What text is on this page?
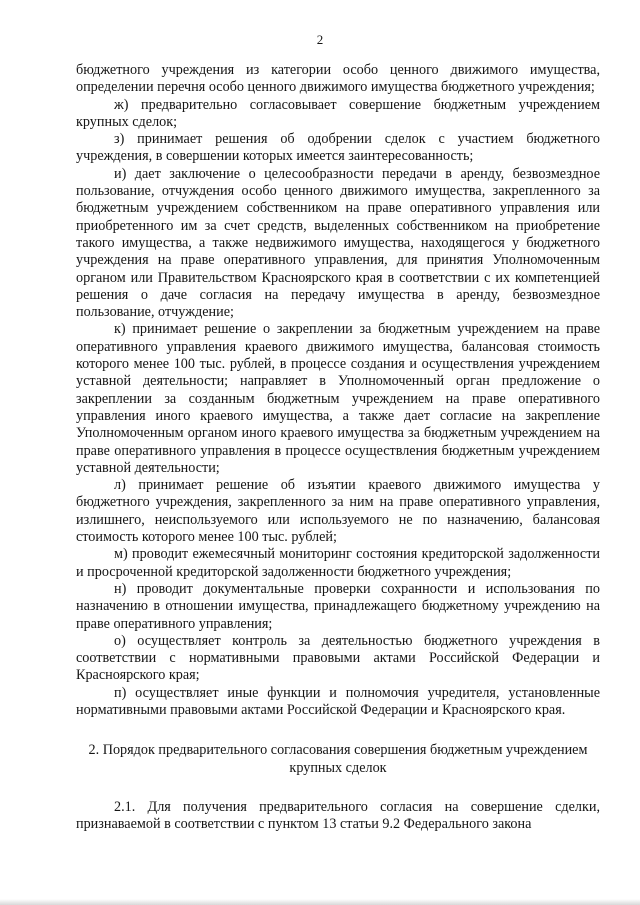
2

бюджетного учреждения из категории особо ценного движимого имущества, определении перечня особо ценного движимого имущества бюджетного учреждения;

ж) предварительно согласовывает совершение бюджетным учреждением крупных сделок;

з) принимает решения об одобрении сделок с участием бюджетного учреждения, в совершении которых имеется заинтересованность;

и) дает заключение о целесообразности передачи в аренду, безвозмездное пользование, отчуждения особо ценного движимого имущества, закрепленного за бюджетным учреждением собственником на праве оперативного управления или приобретенного им за счет средств, выделенных собственником на приобретение такого имущества, а также недвижимого имущества, находящегося у бюджетного учреждения на праве оперативного управления, для принятия Уполномоченным органом или Правительством Красноярского края в соответствии с их компетенцией решения о даче согласия на передачу имущества в аренду, безвозмездное пользование, отчуждение;

к) принимает решение о закреплении за бюджетным учреждением на праве оперативного управления краевого движимого имущества, балансовая стоимость которого менее 100 тыс. рублей, в процессе создания и осуществления учреждением уставной деятельности; направляет в Уполномоченный орган предложение о закреплении за созданным бюджетным учреждением на праве оперативного управления иного краевого имущества, а также дает согласие на закрепление Уполномоченным органом иного краевого имущества за бюджетным учреждением на праве оперативного управления в процессе осуществления бюджетным учреждением уставной деятельности;

л) принимает решение об изъятии краевого движимого имущества у бюджетного учреждения, закрепленного за ним на праве оперативного управления, излишнего, неиспользуемого или используемого не по назначению, балансовая стоимость которого менее 100 тыс. рублей;

м) проводит ежемесячный мониторинг состояния кредиторской задолженности и просроченной кредиторской задолженности бюджетного учреждения;

н) проводит документальные проверки сохранности и использования по назначению в отношении имущества, принадлежащего бюджетному учреждению на праве оперативного управления;

о) осуществляет контроль за деятельностью бюджетного учреждения в соответствии с нормативными правовыми актами Российской Федерации и Красноярского края;

п) осуществляет иные функции и полномочия учредителя, установленные нормативными правовыми актами Российской Федерации и Красноярского края.

2. Порядок предварительного согласования совершения бюджетным учреждением крупных сделок

2.1. Для получения предварительного согласия на совершение сделки, признаваемой в соответствии с пунктом 13 статьи 9.2 Федерального закона
